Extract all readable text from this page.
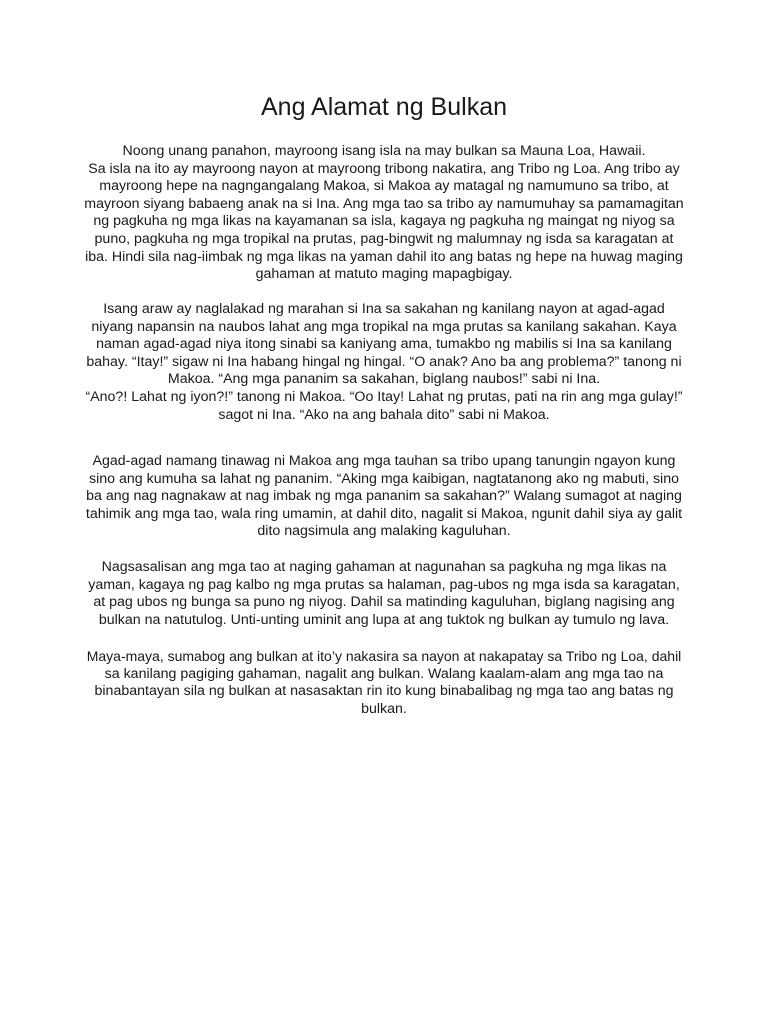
Ang Alamat ng Bulkan

Noong unang panahon, mayroong isang isla na may bulkan sa Mauna Loa, Hawaii.
Sa isla na ito ay mayroong nayon at mayroong tribong nakatira, ang Tribo ng Loa. Ang tribo ay
mayroong hepe na nagngangalang Makoa, si Makoa ay matagal ng namumuno sa tribo, at
mayroon siyang babaeng anak na si Ina. Ang mga tao sa tribo ay namumuhay sa pamamagitan
ng pagkuha ng mga likas na kayamanan sa isla, kagaya ng pagkuha ng maingat ng niyog sa
puno, pagkuha ng mga tropikal na prutas, pag-bingwit ng malumnay ng isda sa karagatan at
iba. Hindi sila nag-iimbak ng mga likas na yaman dahil ito ang batas ng hepe na huwag maging
gahaman at matuto maging mapagbigay.

Isang araw ay naglalakad ng marahan si Ina sa sakahan ng kanilang nayon at agad-agad
niyang napansin na naubos lahat ang mga tropikal na mga prutas sa kanilang sakahan. Kaya
naman agad-agad niya itong sinabi sa kaniyang ama, tumakbo ng mabilis si Ina sa kanilang
bahay. “Itay!” sigaw ni Ina habang hingal ng hingal. “O anak? Ano ba ang problema?” tanong ni
Makoa. “Ang mga pananim sa sakahan, biglang naubos!” sabi ni Ina.
“Ano?! Lahat ng iyon?!” tanong ni Makoa. “Oo Itay! Lahat ng prutas, pati na rin ang mga gulay!”
sagot ni Ina. “Ako na ang bahala dito” sabi ni Makoa.

Agad-agad namang tinawag ni Makoa ang mga tauhan sa tribo upang tanungin ngayon kung
sino ang kumuha sa lahat ng pananim. “Aking mga kaibigan, nagtatanong ako ng mabuti, sino
ba ang nag nagnakaw at nag imbak ng mga pananim sa sakahan?” Walang sumagot at naging
tahimik ang mga tao, wala ring umamin, at dahil dito, nagalit si Makoa, ngunit dahil siya ay galit
dito nagsimula ang malaking kaguluhan.

Nagsasalisan ang mga tao at naging gahaman at nagunahan sa pagkuha ng mga likas na
yaman, kagaya ng pag kalbo ng mga prutas sa halaman, pag-ubos ng mga isda sa karagatan,
at pag ubos ng bunga sa puno ng niyog. Dahil sa matinding kaguluhan, biglang nagising ang
bulkan na natutulog. Unti-unting uminit ang lupa at ang tuktok ng bulkan ay tumulo ng lava.

Maya-maya, sumabog ang bulkan at ito’y nakasira sa nayon at nakapatay sa Tribo ng Loa, dahil
sa kanilang pagiging gahaman, nagalit ang bulkan. Walang kaalam-alam ang mga tao na
binabantayan sila ng bulkan at nasasaktan rin ito kung binabalibag ng mga tao ang batas ng
bulkan.
